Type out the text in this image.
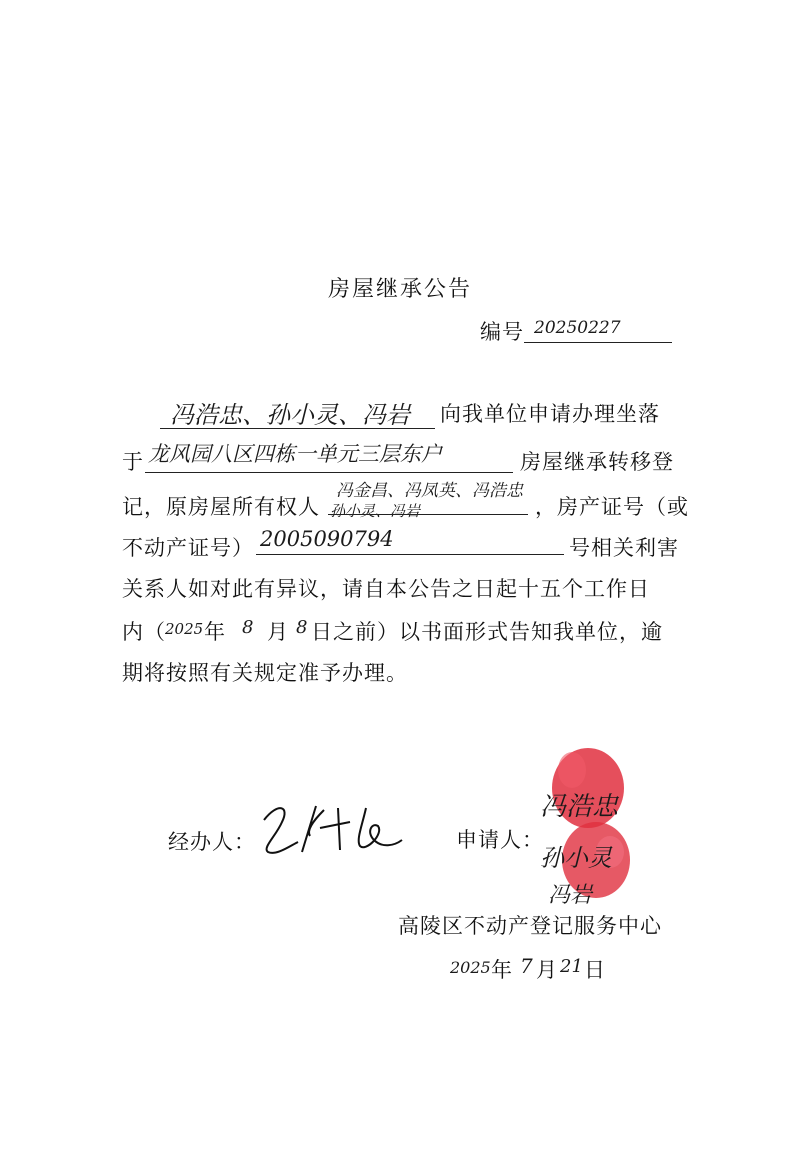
房屋继承公告
编号 20250227
冯浩忠、孙小灵、冯岩 向我单位申请办理坐落
于 龙风园八区四栋一单元三层东户	房屋继承转移登
记，原房屋所有权人
冯金昌、冯凤英、冯浩忠
孙小灵、冯岩	，房产证号（或
不动产证号） 2005090794	号相关利害
关系人如对此有异议，请自本公告之日起十五个工作日
内（ 2025 年 8 月 8 日之前）以书面形式告知我单位，逾
期将按照有关规定准予办理。
经办人：	申请人：
冯浩忠
孙小灵
冯岩
高陵区不动产登记服务中心
2025 年 7 月 21 日
